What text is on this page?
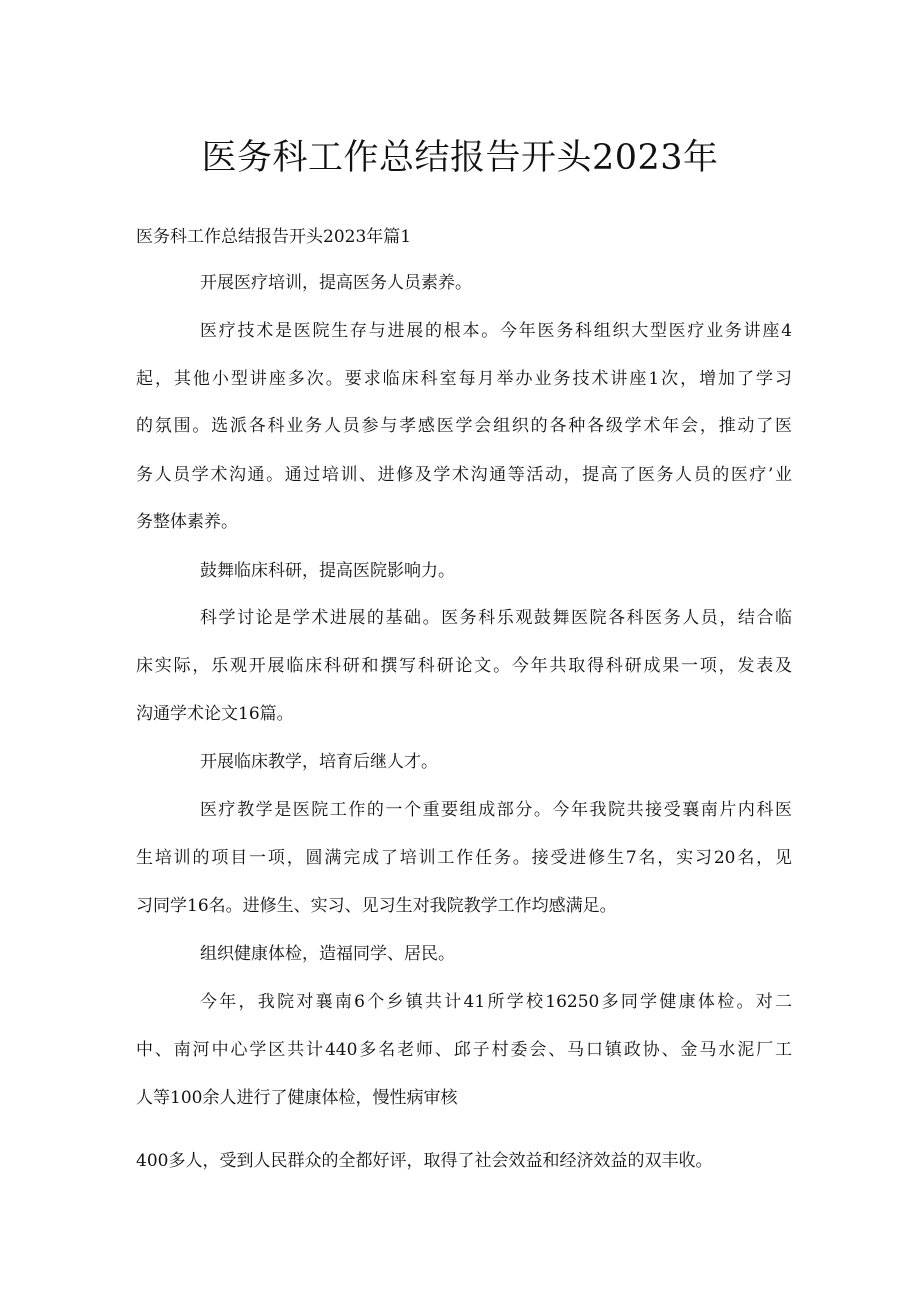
医务科工作总结报告开头2023年

医务科工作总结报告开头2023年篇1

开展医疗培训，提高医务人员素养。

医疗技术是医院生存与进展的根本。今年医务科组织大型医疗业务讲座4

起，其他小型讲座多次。要求临床科室每月举办业务技术讲座1次，增加了学习

的氛围。选派各科业务人员参与孝感医学会组织的各种各级学术年会，推动了医

务人员学术沟通。通过培训、进修及学术沟通等活动，提高了医务人员的医疗’业

务整体素养。

鼓舞临床科研，提高医院影响力。

科学讨论是学术进展的基础。医务科乐观鼓舞医院各科医务人员，结合临

床实际，乐观开展临床科研和撰写科研论文。今年共取得科研成果一项，发表及

沟通学术论文16篇。

开展临床教学，培育后继人才。

医疗教学是医院工作的一个重要组成部分。今年我院共接受襄南片内科医

生培训的项目一项，圆满完成了培训工作任务。接受进修生7名，实习20名，见

习同学16名。进修生、实习、见习生对我院教学工作均感满足。

组织健康体检，造福同学、居民。

今年，我院对襄南6个乡镇共计41所学校16250多同学健康体检。对二

中、南河中心学区共计440多名老师、邱子村委会、马口镇政协、金马水泥厂工

人等100余人进行了健康体检，慢性病审核

400多人，受到人民群众的全都好评，取得了社会效益和经济效益的双丰收。
